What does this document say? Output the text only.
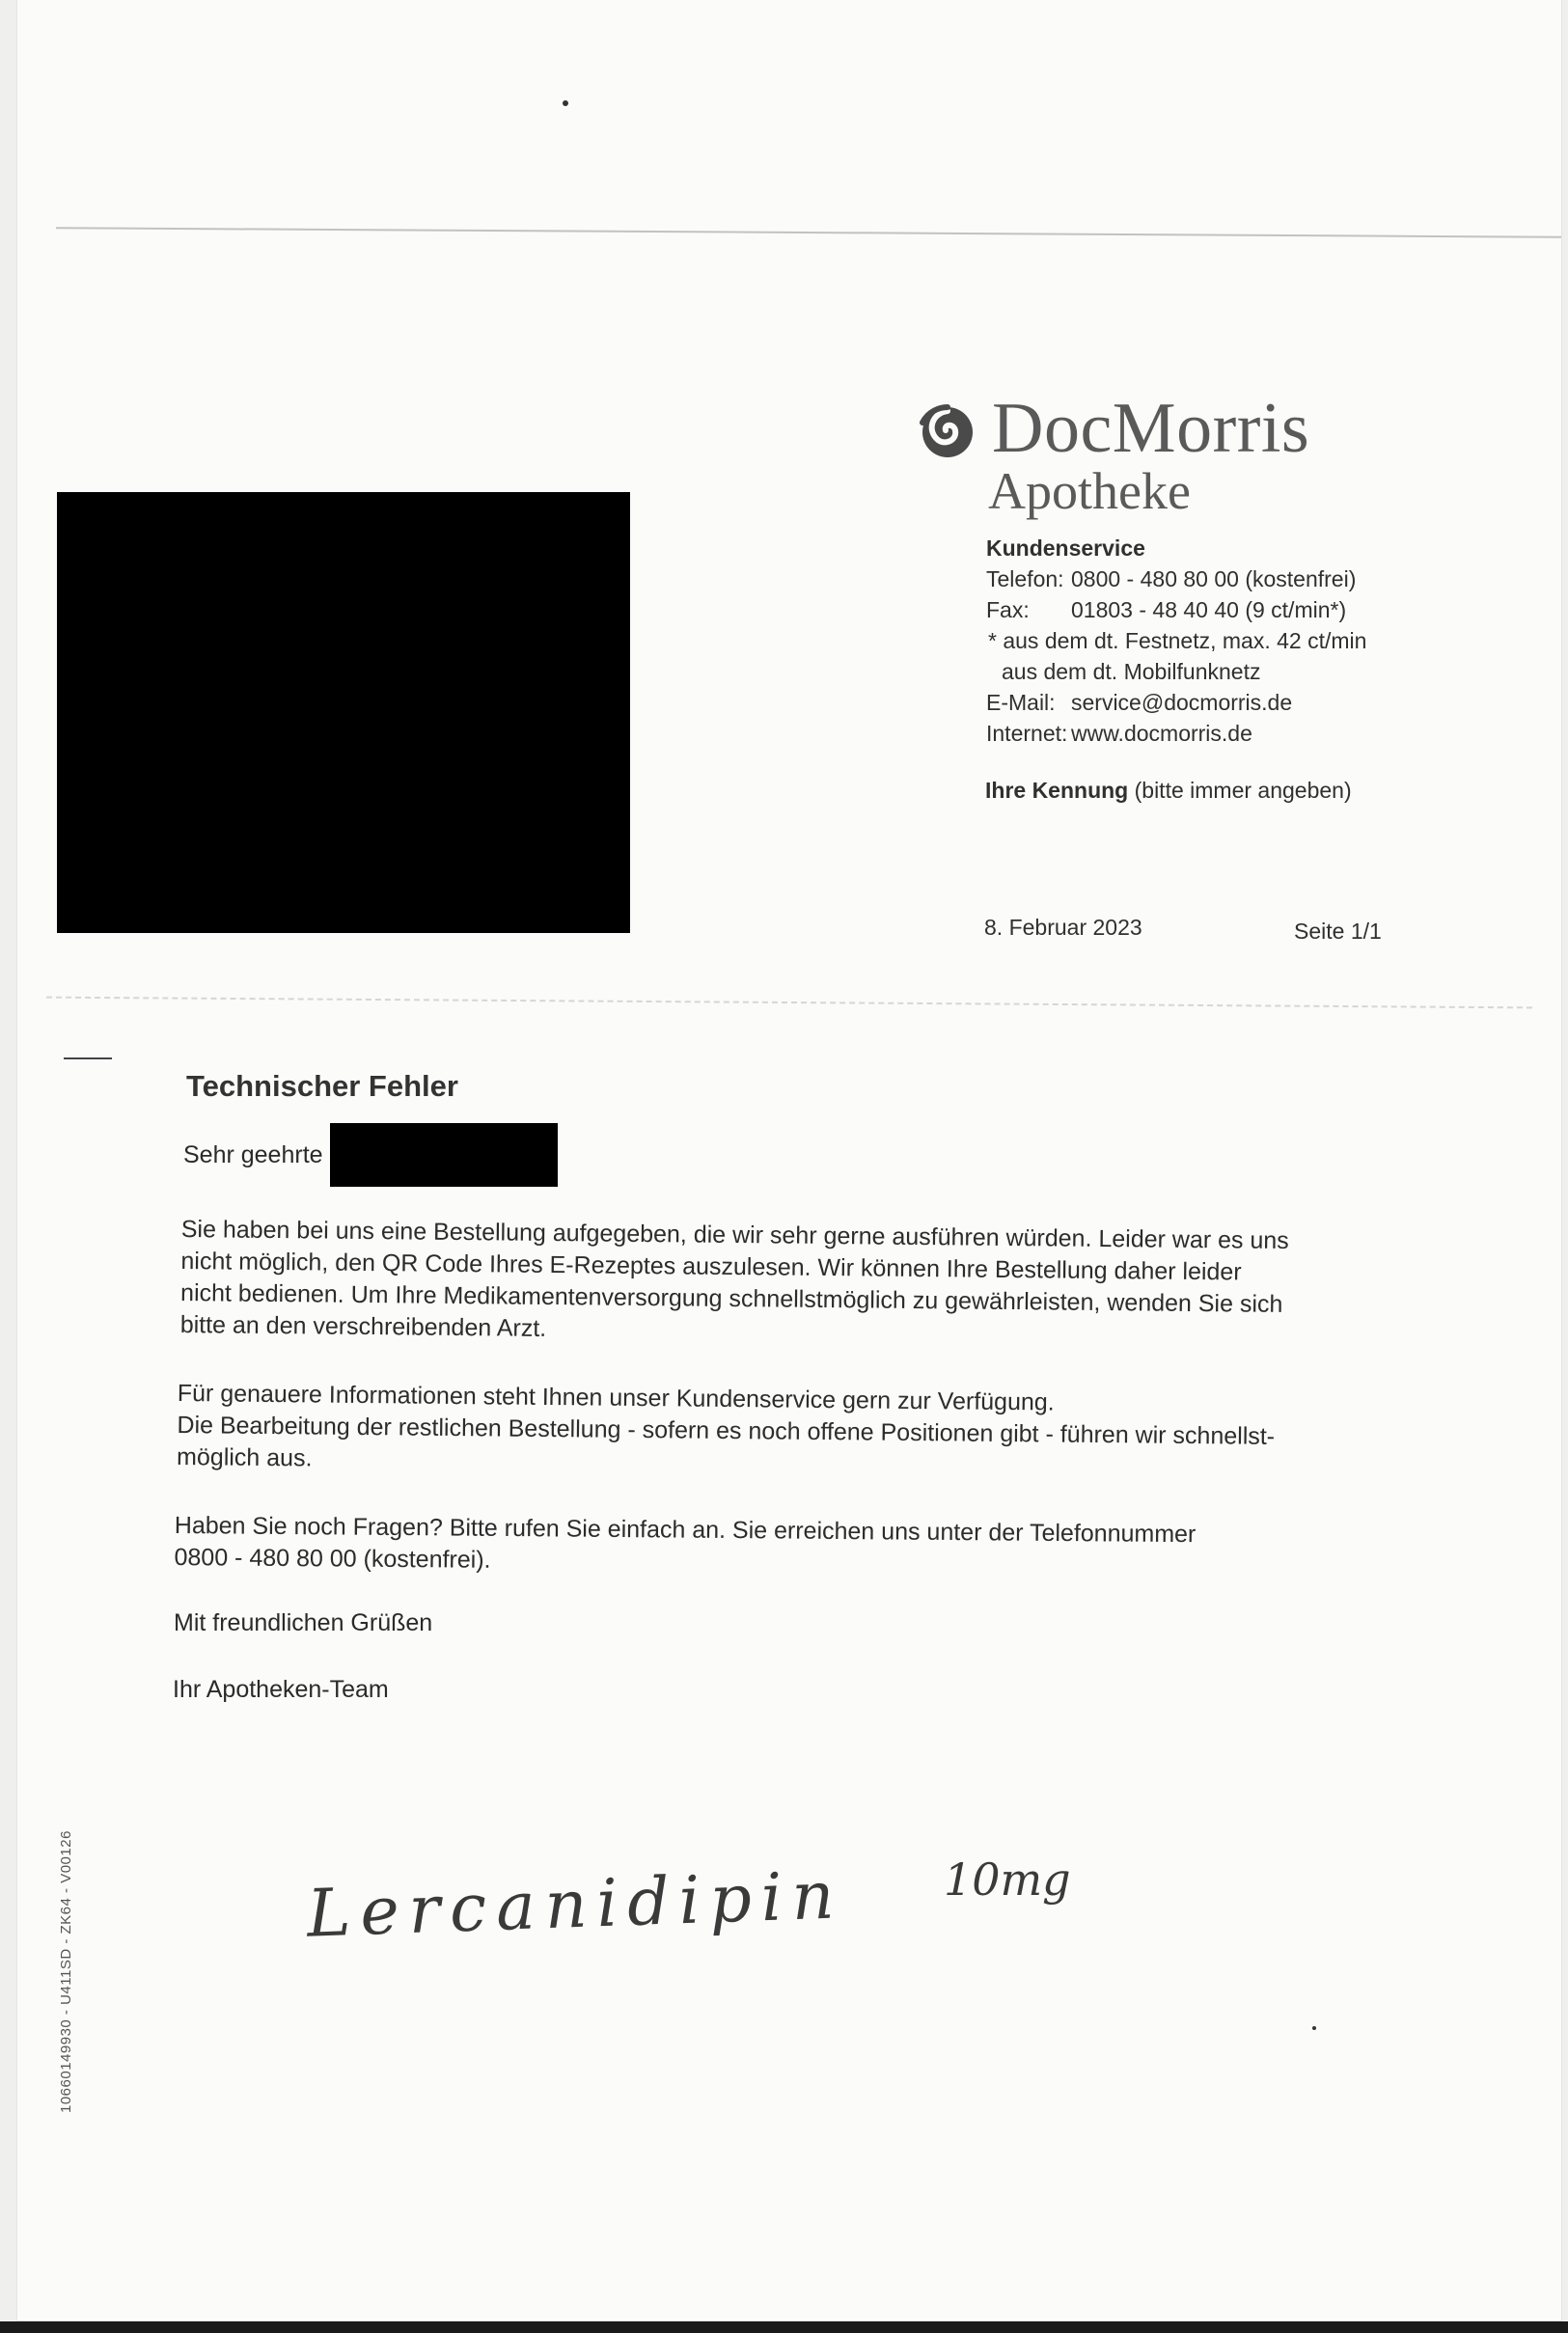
DocMorris
Apotheke
Kundenservice
Telefon: 0800 - 480 80 00 (kostenfrei)
Fax: 01803 - 48 40 40 (9 ct/min*)
* aus dem dt. Festnetz, max. 42 ct/min
aus dem dt. Mobilfunknetz
E-Mail: service@docmorris.de
Internet: www.docmorris.de
Ihre Kennung (bitte immer angeben)
8. Februar 2023	Seite 1/1
Technischer Fehler
Sehr geehrte
Sie haben bei uns eine Bestellung aufgegeben, die wir sehr gerne ausführen würden. Leider war es uns
nicht möglich, den QR Code Ihres E-Rezeptes auszulesen. Wir können Ihre Bestellung daher leider
nicht bedienen. Um Ihre Medikamentenversorgung schnellstmöglich zu gewährleisten, wenden Sie sich
bitte an den verschreibenden Arzt.
Für genauere Informationen steht Ihnen unser Kundenservice gern zur Verfügung.
Die Bearbeitung der restlichen Bestellung - sofern es noch offene Positionen gibt - führen wir schnellst-
möglich aus.
Haben Sie noch Fragen? Bitte rufen Sie einfach an. Sie erreichen uns unter der Telefonnummer
0800 - 480 80 00 (kostenfrei).
Mit freundlichen Grüßen
Ihr Apotheken-Team
10660149930 - U411SD - ZK64 - V00126	Lercanidipin 10mg
